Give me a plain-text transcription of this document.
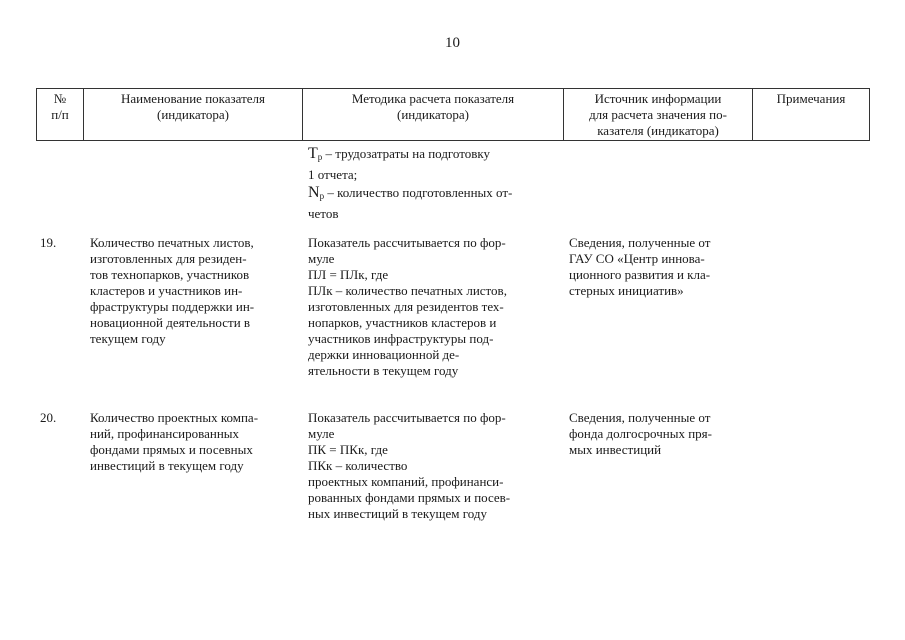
10
№
п/п
Наименование показателя
(индикатора)
Методика расчета показателя
(индикатора)
Источник информации
для расчета значения по-
казателя (индикатора)
Примечания
$Т_р$ – трудозатраты на подготовку
1 отчета;
$N_p$ – количество подготовленных от-
четов
19.	Количество печатных листов,
изготовленных для резиден-
тов технопарков, участников
кластеров и участников ин-
фраструктуры поддержки ин-
новационной деятельности в
текущем году
Показатель рассчитывается по фор-
муле
ПЛ = ПЛк, где
ПЛк – количество печатных листов,
изготовленных для резидентов тех-
нопарков, участников кластеров и
участников инфраструктуры под-
держки инновационной де-
ятельности в текущем году
Сведения, полученные от
ГАУ СО «Центр иннова-
ционного развития и кла-
стерных инициатив»
20.	Количество проектных компа-
ний, профинансированных
фондами прямых и посевных
инвестиций в текущем году
Показатель рассчитывается по фор-
муле
ПК = ПКк, где
ПКк – количество
проектных компаний, профинанси-
рованных фондами прямых и посев-
ных инвестиций в текущем году
Сведения, полученные от
фонда долгосрочных пря-
мых инвестиций
